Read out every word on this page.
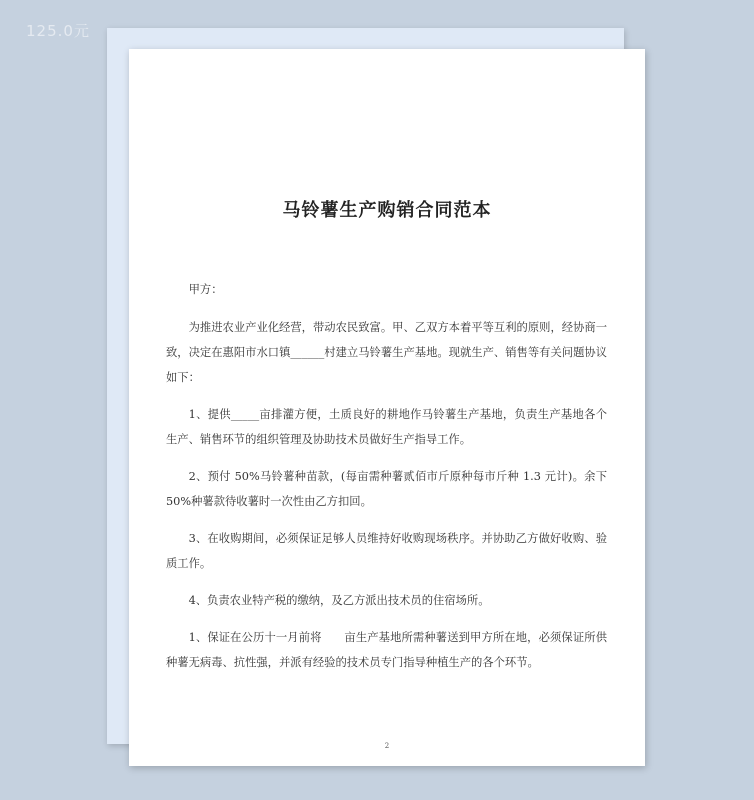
125.0元
马铃薯生产购销合同范本

甲方：

为推进农业产业化经营，带动农民致富。甲、乙双方本着平等互利的原则，经协商一致，决定在惠阳市水口镇______村建立马铃薯生产基地。现就生产、销售等有关问题协议如下：

1、提供_____亩排灌方便，土质良好的耕地作马铃薯生产基地，负责生产基地各个生产、销售环节的组织管理及协助技术员做好生产指导工作。

2、预付 50%马铃薯种苗款，(每亩需种薯贰佰市斤原种每市斤种 1.3 元计)。余下 50%种薯款待收薯时一次性由乙方扣回。

3、在收购期间，必须保证足够人员维持好收购现场秩序。并协助乙方做好收购、验质工作。

4、负责农业特产税的缴纳，及乙方派出技术员的住宿场所。

1、保证在公历十一月前将　　亩生产基地所需种薯送到甲方所在地，必须保证所供种薯无病毒、抗性强，并派有经验的技术员专门指导种植生产的各个环节。

2
